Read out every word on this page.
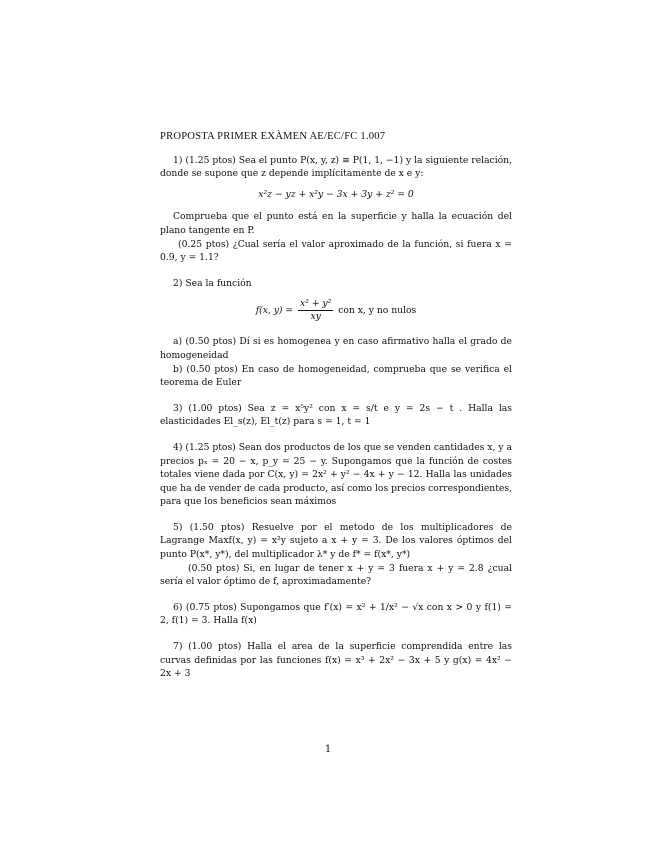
PROPOSTA PRIMER EXÀMEN AE/EC/FC 1.007

1) (1.25 ptos) Sea el punto P(x, y, z) ≡ P(1, 1, −1) y la siguiente relación, donde se supone que z depende implícitamente de x e y:

x²z − yz + x²y − 3x + 3y + z² = 0

Comprueba que el punto está en la superficie y halla la ecuación del plano tangente en P.

(0.25 ptos) ¿Cual sería el valor aproximado de la función, si fuera x = 0.9, y = 1.1?

2) Sea la función

f(x, $y) = \frac{\text{x² + y²}}{xy}$ con x, y no nulos

a) (0.50 ptos) Dí si es homogenea y en caso afirmativo halla el grado de homogeneidad

b) (0.50 ptos) En caso de homogeneidad, comprueba que se verifica el teorema de Euler

3) (1.00 ptos) Sea z = x⁵y² con x = s/t e y = 2s − t . Halla las elasticidades El_s(z), El_t(z) para s = 1, t = 1

4) (1.25 ptos) Sean dos productos de los que se venden cantidades x, y a precios pₓ = 20 − x, p_y = 25 − y. Supongamos que la función de costes totales viene dada por C(x, y) = 2x² + y² − 4x + y − 12. Halla las unidades que ha de vender de cada producto, así como los precios correspondientes, para que los beneficios sean máximos

5) (1.50 ptos) Resuelve por el metodo de los multiplicadores de Lagrange Maxf(x, y) = x²y sujeto a x + y = 3. De los valores óptimos del punto P(x*, y*), del multiplicador λ* y de f* = f(x*, y*)

(0.50 ptos) Si, en lugar de tener x + y = 3 fuera x + y = 2.8 ¿cual sería el valor óptimo de f, aproximadamente?

6) (0.75 ptos) Supongamos que f′(x) = x² + 1/x² − √x con x > 0 y f(1) = 2, f(1) = 3. Halla f(x)

7) (1.00 ptos) Halla el area de la superficie comprendida entre las curvas definidas por las funciones f(x) = x³ + 2x² − 3x + 5 y g(x) = 4x² − 2x + 3

1
